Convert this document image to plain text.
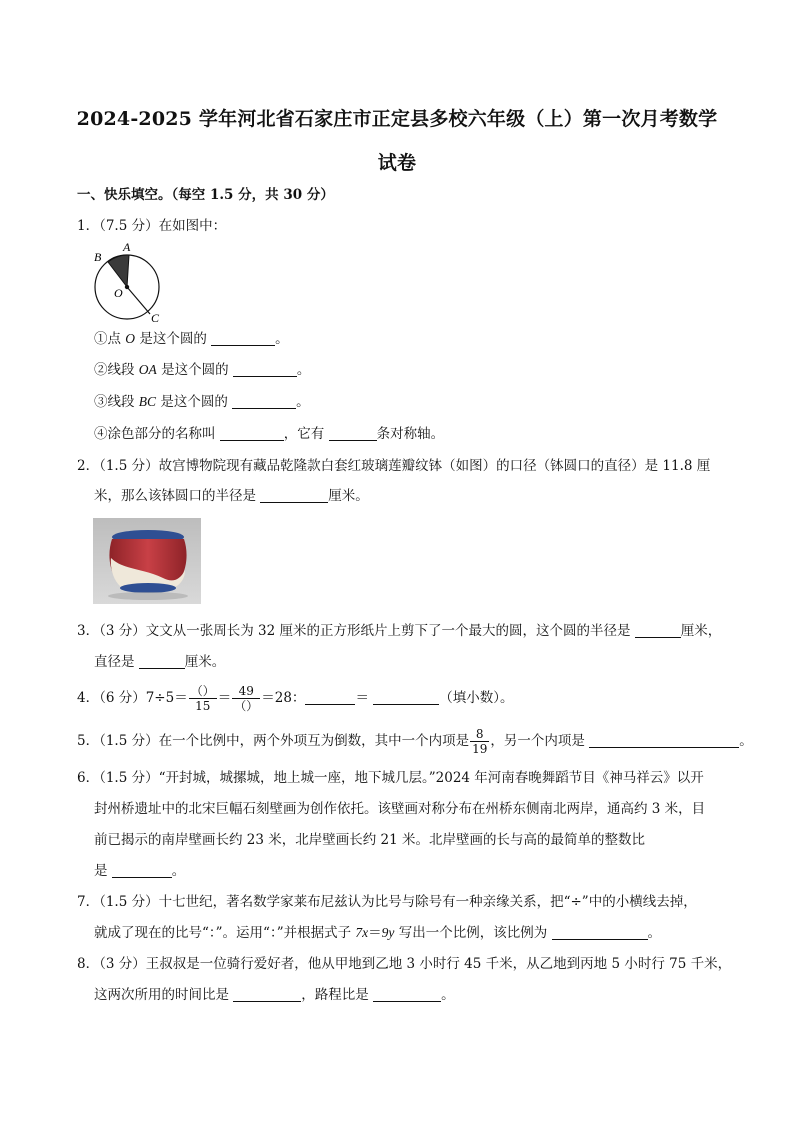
2024-2025 学年河北省石家庄市正定县多校六年级（上）第一次月考数学
试卷
一、快乐填空。（每空 1.5 分，共 30 分）
1．（7.5 分）在如图中：
A
B
O
C
①点 O 是这个圆的	。
②线段 OA 是这个圆的	。
③线段 BC 是这个圆的	。
④涂色部分的名称叫	，它有	条对称轴。
2．（1.5 分）故宫博物院现有藏品乾隆款白套红玻璃莲瓣纹钵（如图）的口径（钵圆口的直径）是 11.8 厘
米，那么该钵圆口的半径是	厘米。
3．（3 分）文文从一张周长为 32 厘米的正方形纸片上剪下了一个最大的圆，这个圆的半径是	厘米，
直径是	厘米。
4．（6 分）$7\div 5= \frac{()}{15} = \frac{49}{()} =28$：	＝	（填小数）。
5．（1.5 分）在一个比例中，两个外项互为倒数，其中一个内项是 $\frac{8}{19}$ ，另一个内项是	。
6．（1.5 分）“开封城，城摞城，地上城一座，地下城几层。”2024 年河南春晚舞蹈节目《神马祥云》以开
封州桥遗址中的北宋巨幅石刻壁画为创作依托。该壁画对称分布在州桥东侧南北两岸，通高约 3 米，目
前已揭示的南岸壁画长约 23 米，北岸壁画长约 21 米。北岸壁画的长与高的最简单的整数比
是	。
7．（1.5 分）十七世纪，著名数学家莱布尼兹认为比号与除号有一种亲缘关系，把“÷”中的小横线去掉，
就成了现在的比号“：”。运用“：”并根据式子 7x＝9y 写出一个比例，该比例为	。
8．（3 分）王叔叔是一位骑行爱好者，他从甲地到乙地 3 小时行 45 千米，从乙地到丙地 5 小时行 75 千米，
这两次所用的时间比是	，路程比是	。
